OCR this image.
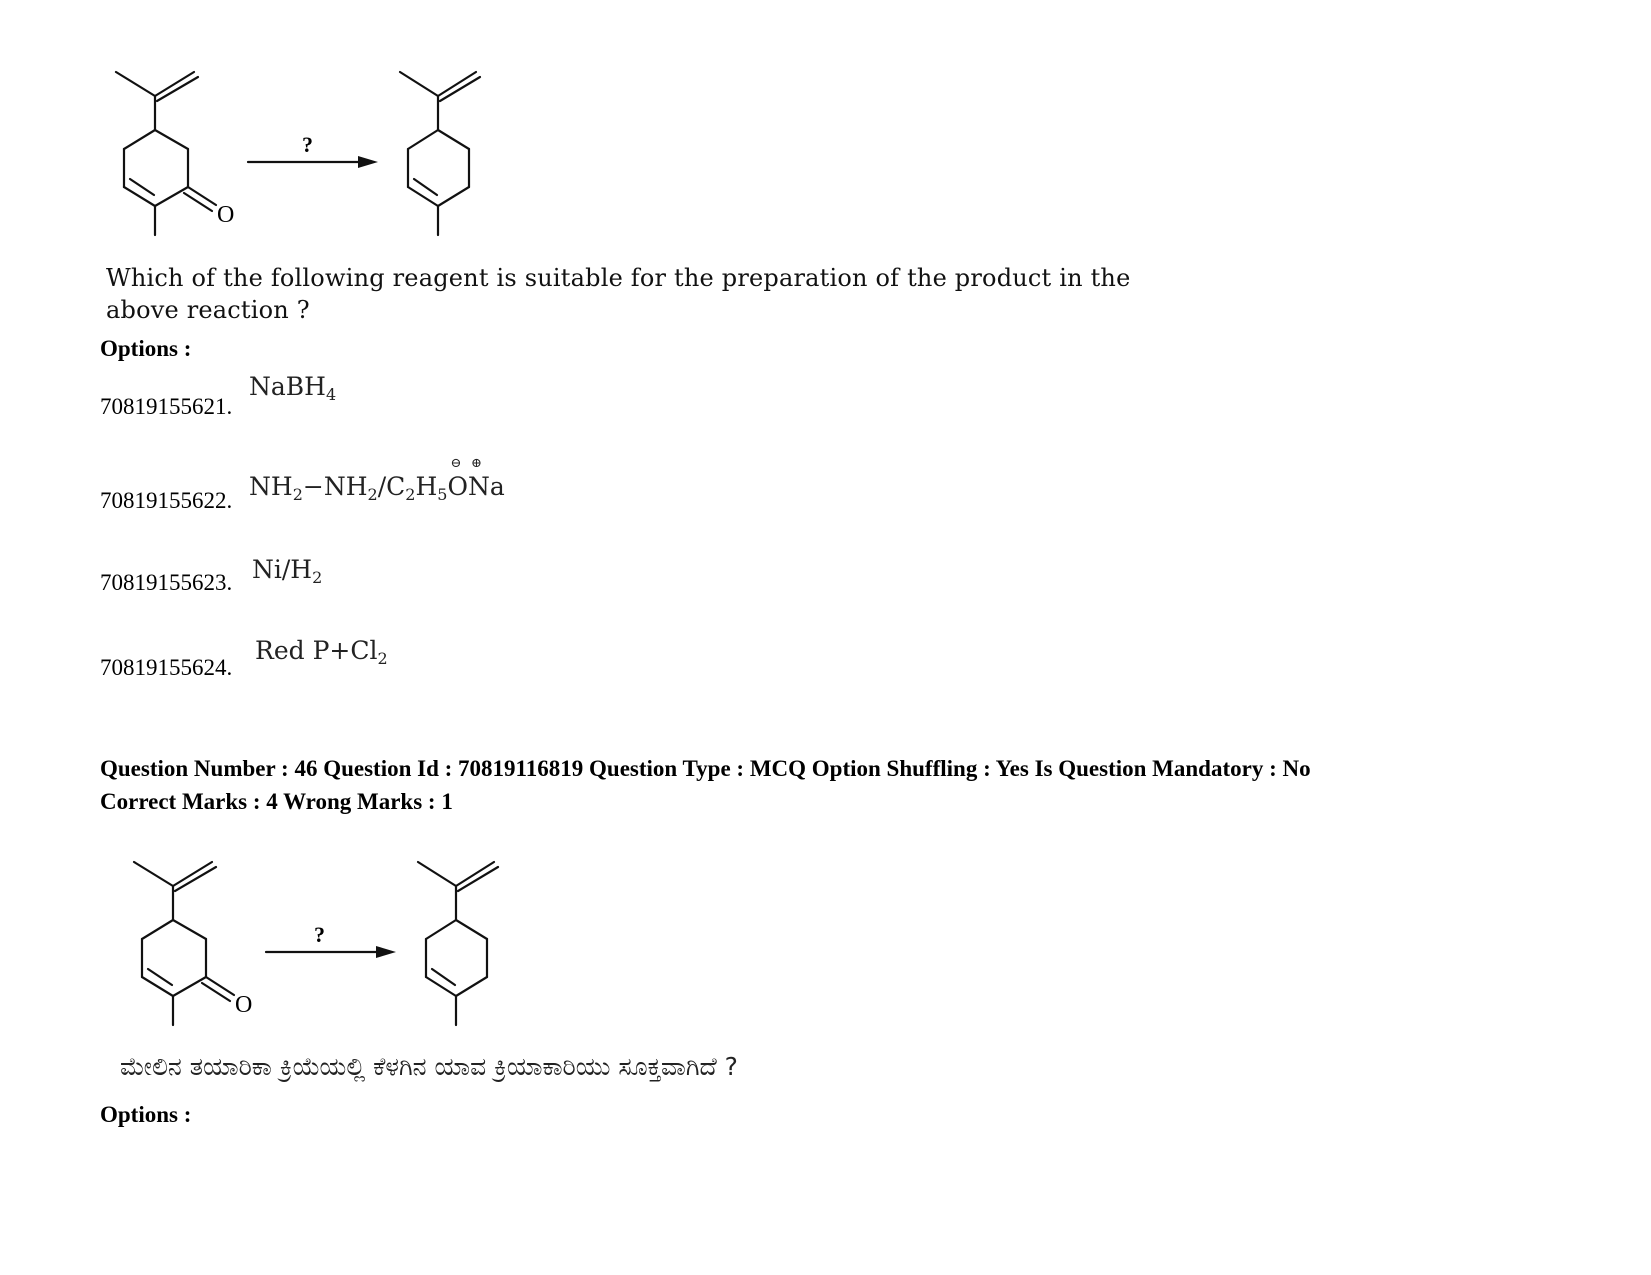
?
O
Which of the following reagent is suitable for the preparation of the product in the above reaction ?
Options :
70819155621.
NaBH$_4$
70819155622. $NH_2-NH_2/C_2H_5O$
⊖
Na
⊕
70819155623. $Ni/H_2$
70819155624.
Red $P+Cl_2$
Question Number : 46 Question Id : 70819116819 Question Type : MCQ Option Shuffling : Yes Is Question Mandatory : No
Correct Marks : 4 Wrong Marks : 1
?
O
ಮೇಲಿನ ತಯಾರಿಕಾ ಕ್ರಿಯೆಯಲ್ಲಿ ಕೆಳಗಿನ ಯಾವ ಕ್ರಿಯಾಕಾರಿಯು ಸೂಕ್ತವಾಗಿದೆ ?
Options :
